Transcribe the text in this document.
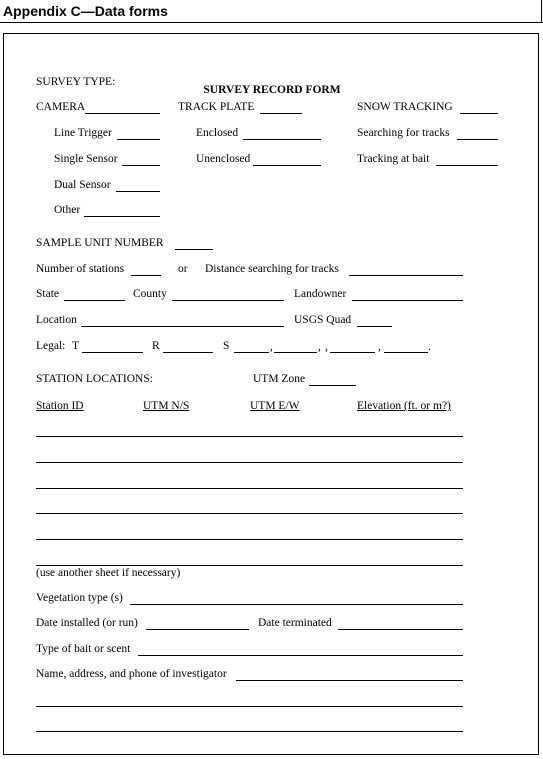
Appendix C—Data forms
SURVEY RECORD FORM
SURVEY TYPE:
CAMERA	TRACK PLATE	SNOW TRACKING
Line Trigger	Enclosed	Searching for tracks
Single Sensor	Unenclosed	Tracking at bait
Dual Sensor
Other
SAMPLE UNIT NUMBER
Number of stations	or Distance searching for tracks
State	County	Landowner
Location	USGS Quad
Legal: T	R	S	,	, ,	,	.
STATION LOCATIONS:	UTM Zone
Station ID	UTM N/S	UTM E/W	Elevation (ft. or m?)
(use another sheet if necessary)
Vegetation type (s)
Date installed (or run)	Date terminated
Type of bait or scent
Name, address, and phone of investigator
